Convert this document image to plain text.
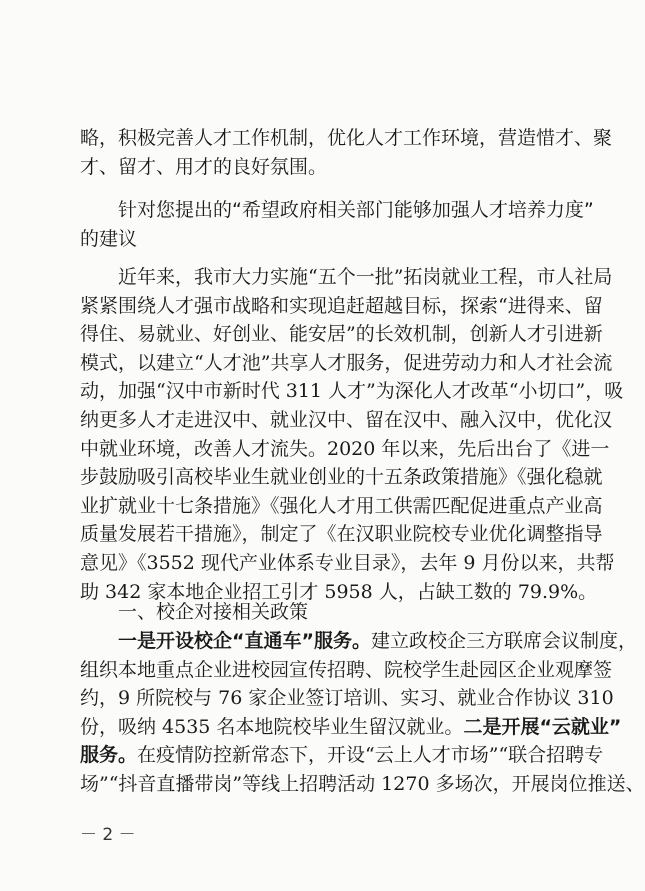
略，积极完善人才工作机制，优化人才工作环境，营造惜才、聚
才、留才、用才的良好氛围。

针对您提出的“希望政府相关部门能够加强人才培养力度”
的建议

近年来，我市大力实施“五个一批”拓岗就业工程，市人社局
紧紧围绕人才强市战略和实现追赶超越目标，探索“进得来、留
得住、易就业、好创业、能安居”的长效机制，创新人才引进新
模式，以建立“人才池”共享人才服务，促进劳动力和人才社会流
动，加强“汉中市新时代 311 人才”为深化人才改革“小切口”，吸
纳更多人才走进汉中、就业汉中、留在汉中、融入汉中，优化汉
中就业环境，改善人才流失。2020 年以来，先后出台了《进一
步鼓励吸引高校毕业生就业创业的十五条政策措施》《强化稳就
业扩就业十七条措施》《强化人才用工供需匹配促进重点产业高
质量发展若干措施》，制定了《在汉职业院校专业优化调整指导
意见》《3552 现代产业体系专业目录》，去年 9 月份以来，共帮
助 342 家本地企业招工引才 5958 人，占缺工数的 79.9%。

一、校企对接相关政策

一是开设校企“直通车”服务。建立政校企三方联席会议制度，
组织本地重点企业进校园宣传招聘、院校学生赴园区企业观摩签
约，9 所院校与 76 家企业签订培训、实习、就业合作协议 310
份，吸纳 4535 名本地院校毕业生留汉就业。二是开展“云就业”
服务。在疫情防控新常态下，开设“云上人才市场”“联合招聘专
场”“抖音直播带岗”等线上招聘活动 1270 多场次，开展岗位推送、

－ 2 －
